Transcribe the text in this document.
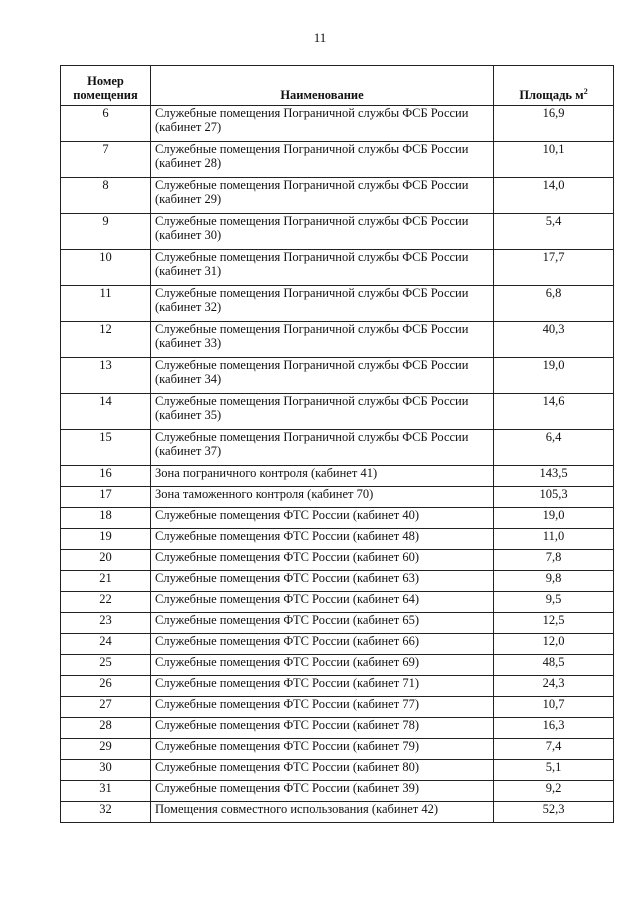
11
Номер
помещения	Наименование	Площадь $м^2$
6	Служебные помещения Пограничной службы ФСБ России (кабинет 27)	16,9
7	Служебные помещения Пограничной службы ФСБ России (кабинет 28)	10,1
8	Служебные помещения Пограничной службы ФСБ России (кабинет 29)	14,0
9	Служебные помещения Пограничной службы ФСБ России (кабинет 30)	5,4
10	Служебные помещения Пограничной службы ФСБ России (кабинет 31)	17,7
11	Служебные помещения Пограничной службы ФСБ России (кабинет 32)	6,8
12	Служебные помещения Пограничной службы ФСБ России (кабинет 33)	40,3
13	Служебные помещения Пограничной службы ФСБ России (кабинет 34)	19,0
14	Служебные помещения Пограничной службы ФСБ России (кабинет 35)	14,6
15	Служебные помещения Пограничной службы ФСБ России (кабинет 37)	6,4
16	Зона пограничного контроля (кабинет 41)	143,5
17	Зона таможенного контроля (кабинет 70)	105,3
18	Служебные помещения ФТС России (кабинет 40)	19,0
19	Служебные помещения ФТС России (кабинет 48)	11,0
20	Служебные помещения ФТС России (кабинет 60)	7,8
21	Служебные помещения ФТС России (кабинет 63)	9,8
22	Служебные помещения ФТС России (кабинет 64)	9,5
23	Служебные помещения ФТС России (кабинет 65)	12,5
24	Служебные помещения ФТС России (кабинет 66)	12,0
25	Служебные помещения ФТС России (кабинет 69)	48,5
26	Служебные помещения ФТС России (кабинет 71)	24,3
27	Служебные помещения ФТС России (кабинет 77)	10,7
28	Служебные помещения ФТС России (кабинет 78)	16,3
29	Служебные помещения ФТС России (кабинет 79)	7,4
30	Служебные помещения ФТС России (кабинет 80)	5,1
31	Служебные помещения ФТС России (кабинет 39)	9,2
32	Помещения совместного использования (кабинет 42)	52,3
